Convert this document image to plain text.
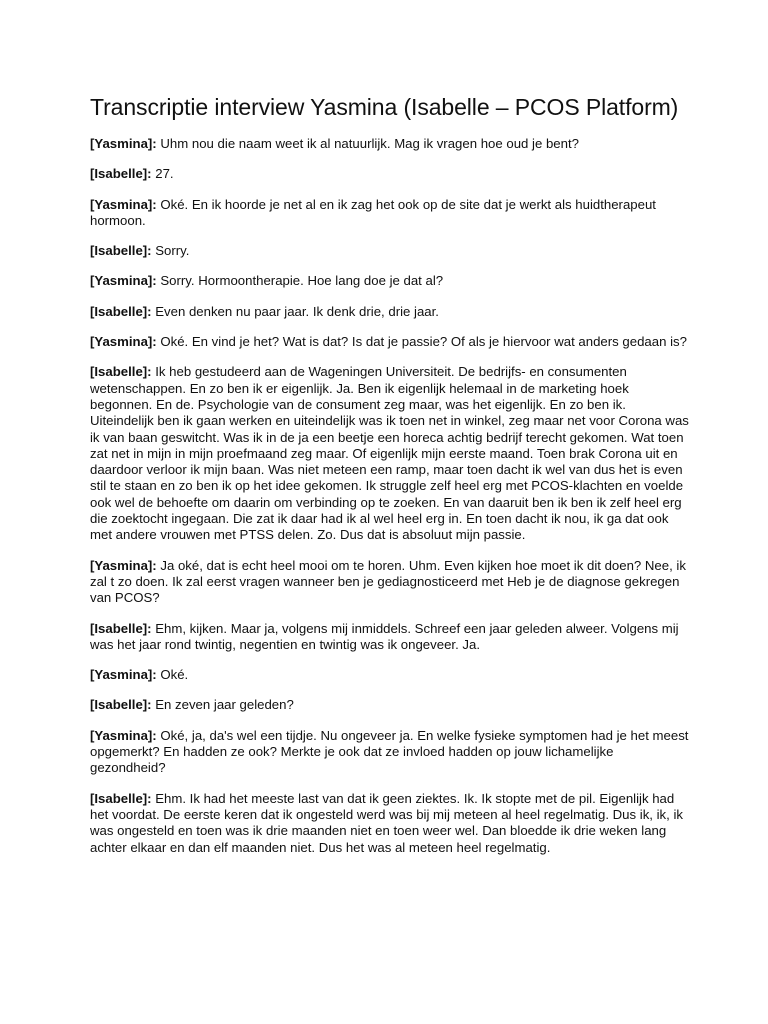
Transcriptie interview Yasmina (Isabelle – PCOS Platform)

[Yasmina]: Uhm nou die naam weet ik al natuurlijk. Mag ik vragen hoe oud je bent?

[Isabelle]: 27.

[Yasmina]: Oké. En ik hoorde je net al en ik zag het ook op de site dat je werkt als huidtherapeut hormoon.

[Isabelle]: Sorry.

[Yasmina]: Sorry. Hormoontherapie. Hoe lang doe je dat al?

[Isabelle]: Even denken nu paar jaar. Ik denk drie, drie jaar.

[Yasmina]: Oké. En vind je het? Wat is dat? Is dat je passie? Of als je hiervoor wat anders gedaan is?

[Isabelle]: Ik heb gestudeerd aan de Wageningen Universiteit. De bedrijfs- en consumenten wetenschappen. En zo ben ik er eigenlijk. Ja. Ben ik eigenlijk helemaal in de marketing hoek begonnen. En de. Psychologie van de consument zeg maar, was het eigenlijk. En zo ben ik. Uiteindelijk ben ik gaan werken en uiteindelijk was ik toen net in winkel, zeg maar net voor Corona was ik van baan geswitcht. Was ik in de ja een beetje een horeca achtig bedrijf terecht gekomen. Wat toen zat net in mijn in mijn proefmaand zeg maar. Of eigenlijk mijn eerste maand. Toen brak Corona uit en daardoor verloor ik mijn baan. Was niet meteen een ramp, maar toen dacht ik wel van dus het is even stil te staan en zo ben ik op het idee gekomen. Ik struggle zelf heel erg met PCOS-klachten en voelde ook wel de behoefte om daarin om verbinding op te zoeken. En van daaruit ben ik ben ik zelf heel erg die zoektocht ingegaan. Die zat ik daar had ik al wel heel erg in. En toen dacht ik nou, ik ga dat ook met andere vrouwen met PTSS delen. Zo. Dus dat is absoluut mijn passie.

[Yasmina]: Ja oké, dat is echt heel mooi om te horen. Uhm. Even kijken hoe moet ik dit doen? Nee, ik zal t zo doen. Ik zal eerst vragen wanneer ben je gediagnosticeerd met Heb je de diagnose gekregen van PCOS?

[Isabelle]: Ehm, kijken. Maar ja, volgens mij inmiddels. Schreef een jaar geleden alweer. Volgens mij was het jaar rond twintig, negentien en twintig was ik ongeveer. Ja.

[Yasmina]: Oké.

[Isabelle]: En zeven jaar geleden?

[Yasmina]: Oké, ja, da's wel een tijdje. Nu ongeveer ja. En welke fysieke symptomen had je het meest opgemerkt? En hadden ze ook? Merkte je ook dat ze invloed hadden op jouw lichamelijke gezondheid?

[Isabelle]: Ehm. Ik had het meeste last van dat ik geen ziektes. Ik. Ik stopte met de pil. Eigenlijk had het voordat. De eerste keren dat ik ongesteld werd was bij mij meteen al heel regelmatig. Dus ik, ik, ik was ongesteld en toen was ik drie maanden niet en toen weer wel. Dan bloedde ik drie weken lang achter elkaar en dan elf maanden niet. Dus het was al meteen heel regelmatig.
